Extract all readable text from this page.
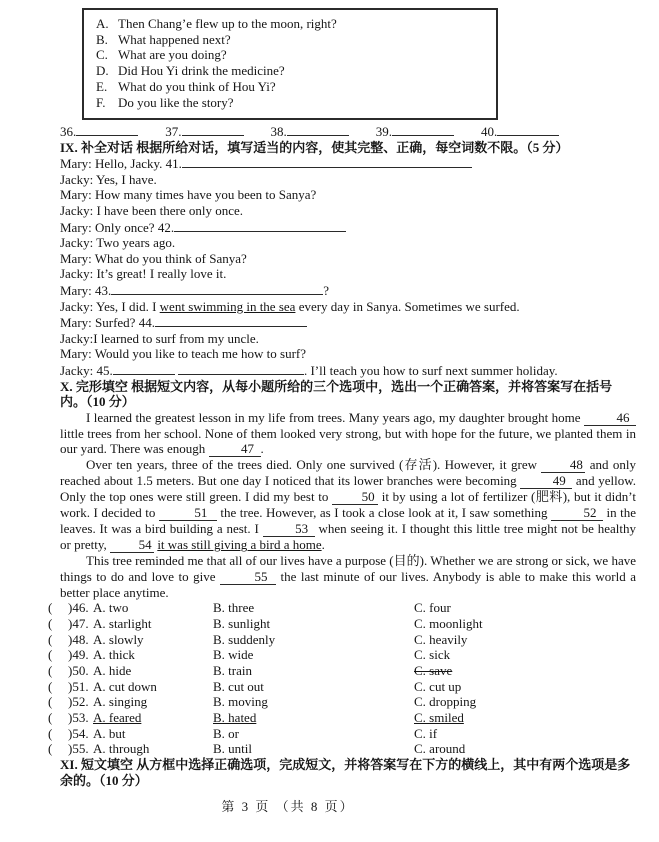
A. Then Chang’e flew up to the moon, right?
B. What happened next?
C. What are you doing?
D. Did Hou Yi drink the medicine?
E. What do you think of Hou Yi?
F. Do you like the story?
36.	37.	38.	39.	40.
IX. 补全对话 根据所给对话，填写适当的内容，使其完整、正确，每空词数不限。（5 分）
Mary: Hello, Jacky. 41.
Jacky: Yes, I have.
Mary: How many times have you been to Sanya?
Jacky: I have been there only once.
Mary: Only once? 42.
Jacky: Two years ago.
Mary: What do you think of Sanya?
Jacky: It’s great! I really love it.
Mary: 43.	?
Jacky: Yes, I did. I went swimming in the sea every day in Sanya. Sometimes we surfed.
Mary: Surfed? 44.
Jacky:I learned to surf from my uncle.
Mary: Would you like to teach me how to surf?
Jacky: 45.	. I’ll teach you how to surf next summer holiday.
X. 完形填空 根据短文内容，从每小题所给的三个选项中，选出一个正确答案，并将答案写在括号内。（10 分）

I learned the greatest lesson in my life from trees. Many years ago, my daughter brought home	46 little trees from her school. None of them looked very strong, but with hope for the future, we planted them in our yard. There was enough	47 .

Over ten years, three of the trees died. Only one survived (存活). However, it grew 48 and only reached about 1.5 meters. But one day I noticed that its lower branches were becoming	49 and yellow. Only the top ones were still green. I did my best to 50 it by using a lot of fertilizer (肥料), but it didn’t work. I decided to	51 the tree. However, as I took a close look at it, I saw something	52 in the leaves. It was a bird building a nest. I	53 when seeing it. I thought this little tree might not be healthy or pretty, 54 it was still giving a bird a home.

This tree reminded me that all of our lives have a purpose (目的). Whether we are strong or sick, we have things to do and love to give	55 the last minute of our lives. Anybody is able to make this world a better place anytime.

(	)46. A. two	B. three	C. four
(	)47. A. starlight	B. sunlight	C. moonlight
(	)48. A. slowly	B. suddenly	C. heavily
(	)49. A. thick	B. wide	C. sick
(	)50. A. hide	B. train	C. save
(	)51. A. cut down	B. cut out	C. cut up
(	)52. A. singing	B. moving	C. dropping
(	)53. A. feared	B. hated	C. smiled
(	)54. A. but	B. or	C. if
(	)55. A. through	B. until	C. around
XI. 短文填空 从方框中选择正确选项，完成短文，并将答案写在下方的横线上，其中有两个选项是多余的。（10 分）
第 3 页 （共 8 页）
